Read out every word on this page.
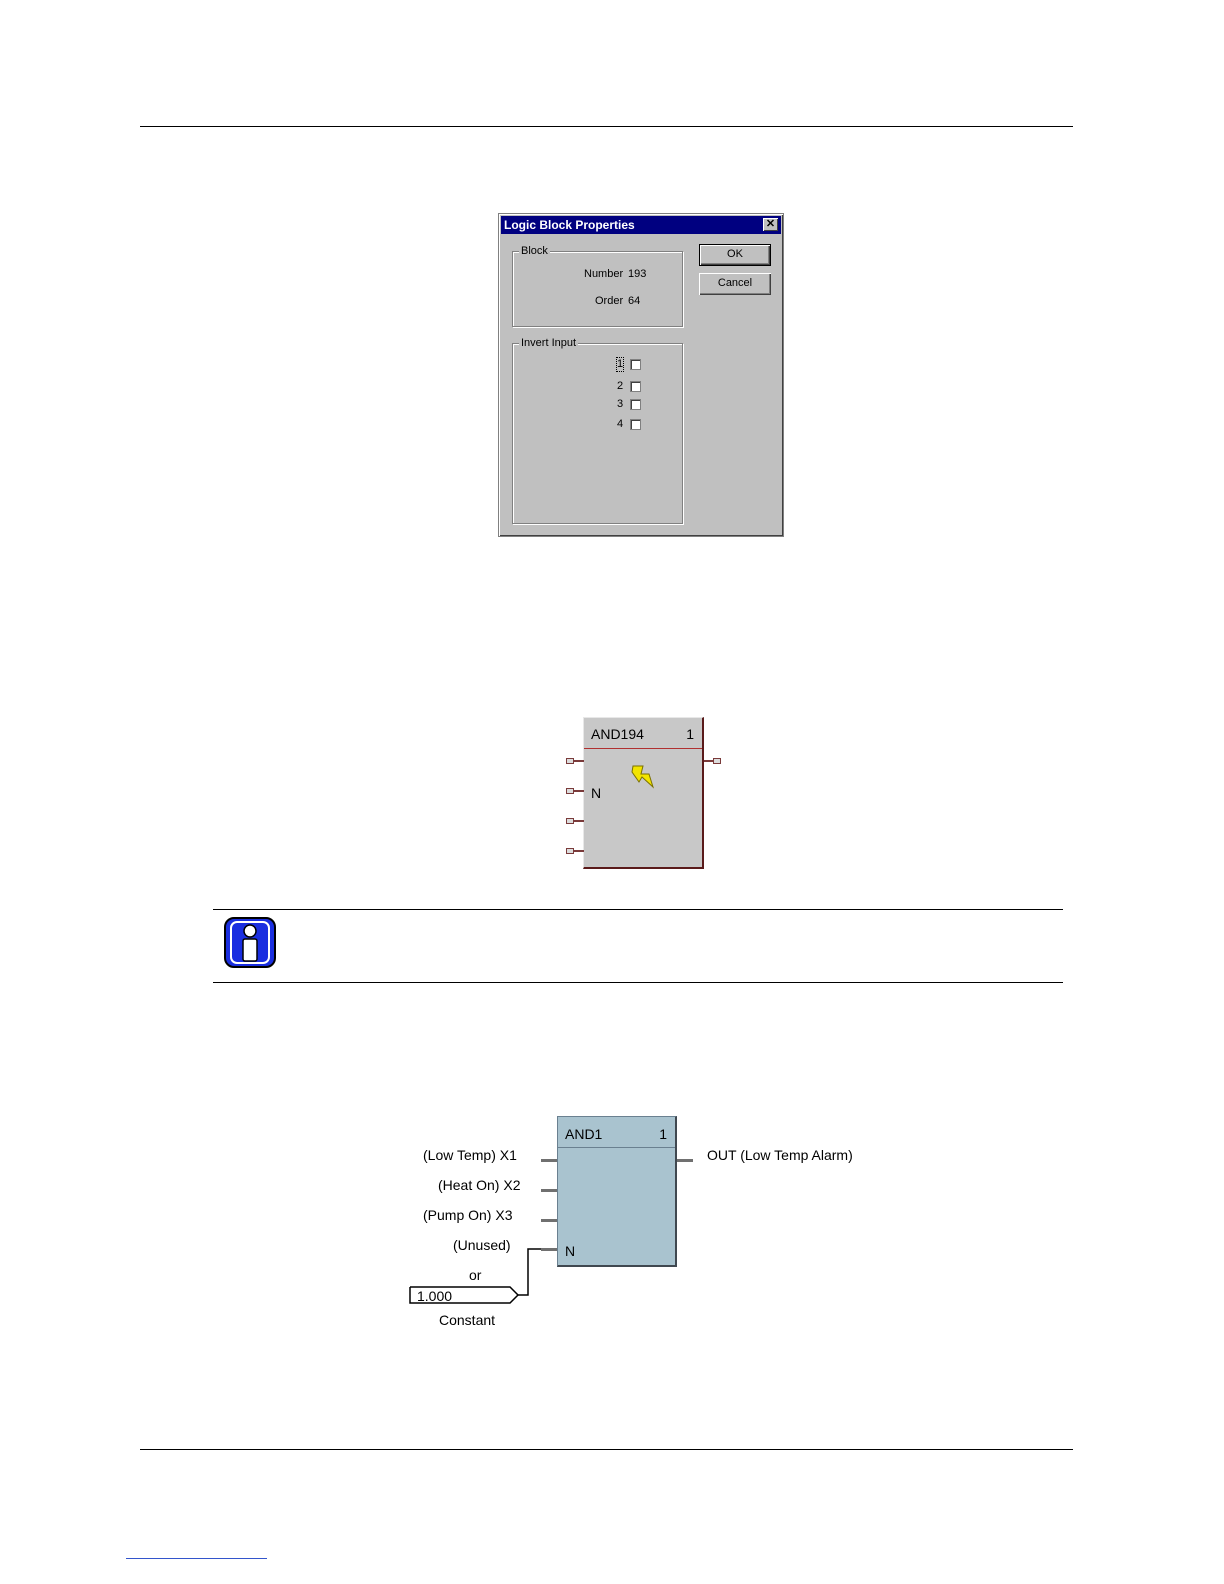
Logic Block Properties	✕
Block
Number 193
Order 64
Invert Input
1
2
3
4
OK
Cancel
AND194	1
N
AND1	1
N
(Low Temp) X1
(Heat On) X2
(Pump On) X3
(Unused)
OUT (Low Temp Alarm)
or
1.000
Constant
